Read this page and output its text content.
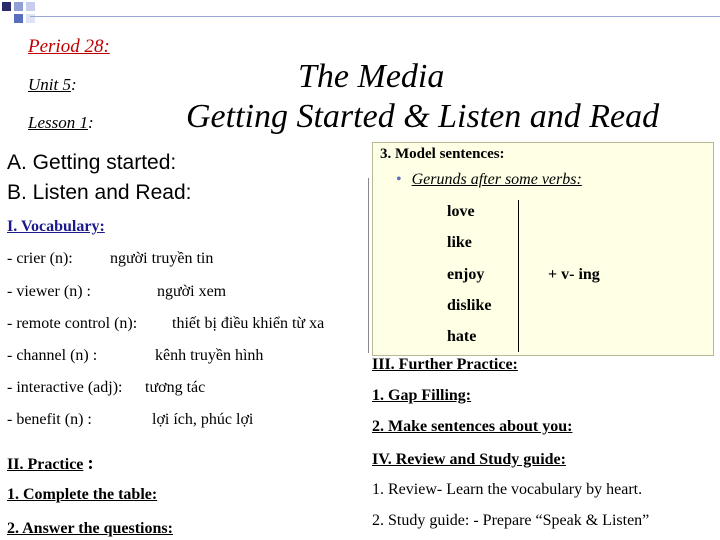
Period 28:
Unit 5:
Lesson 1:
The Media
Getting Started & Listen and Read
A. Getting started:
B. Listen and Read:
I. Vocabulary:
- crier (n): người truyền tin
- viewer (n) :	người xem
- remote control (n): thiết bị điều khiển từ xa
- channel (n) :	kênh truyền hình
- interactive (adj): tương tác
- benefit (n) :	lợi ích, phúc lợi
II. Practice :
1. Complete the table:
2. Answer the questions:
3. Model sentences:
• Gerunds after some verbs:
love
like
enjoy
dislike
hate
+ v- ing
III. Further Practice:
1. Gap Filling:
2. Make sentences about you:
IV. Review and Study guide:
1. Review- Learn the vocabulary by heart.
2. Study guide: - Prepare “Speak & Listen”
